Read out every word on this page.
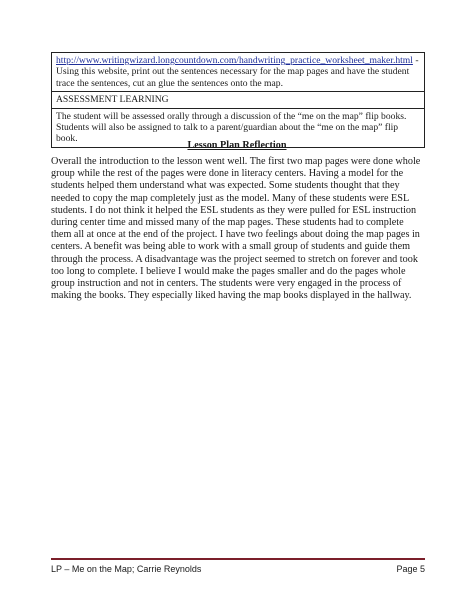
http://www.writingwizard.longcountdown.com/handwriting_practice_worksheet_maker.html - Using this website, print out the sentences necessary for the map pages and have the student trace the sentences, cut an glue the sentences onto the map.
ASSESSMENT LEARNING
The student will be assessed orally through a discussion of the “me on the map” flip books. Students will also be assigned to talk to a parent/guardian about the “me on the map” flip book.
Lesson Plan Reflection
Overall the introduction to the lesson went well. The first two map pages were done whole group while the rest of the pages were done in literacy centers. Having a model for the students helped them understand what was expected. Some students thought that they needed to copy the map completely just as the model. Many of these students were ESL students. I do not think it helped the ESL students as they were pulled for ESL instruction during center time and missed many of the map pages. These students had to complete them all at once at the end of the project. I have two feelings about doing the map pages in centers. A benefit was being able to work with a small group of students and guide them through the process. A disadvantage was the project seemed to stretch on forever and took too long to complete. I believe I would make the pages smaller and do the pages whole group instruction and not in centers. The students were very engaged in the process of making the books. They especially liked having the map books displayed in the hallway.
LP – Me on the Map; Carrie Reynolds	Page 5
